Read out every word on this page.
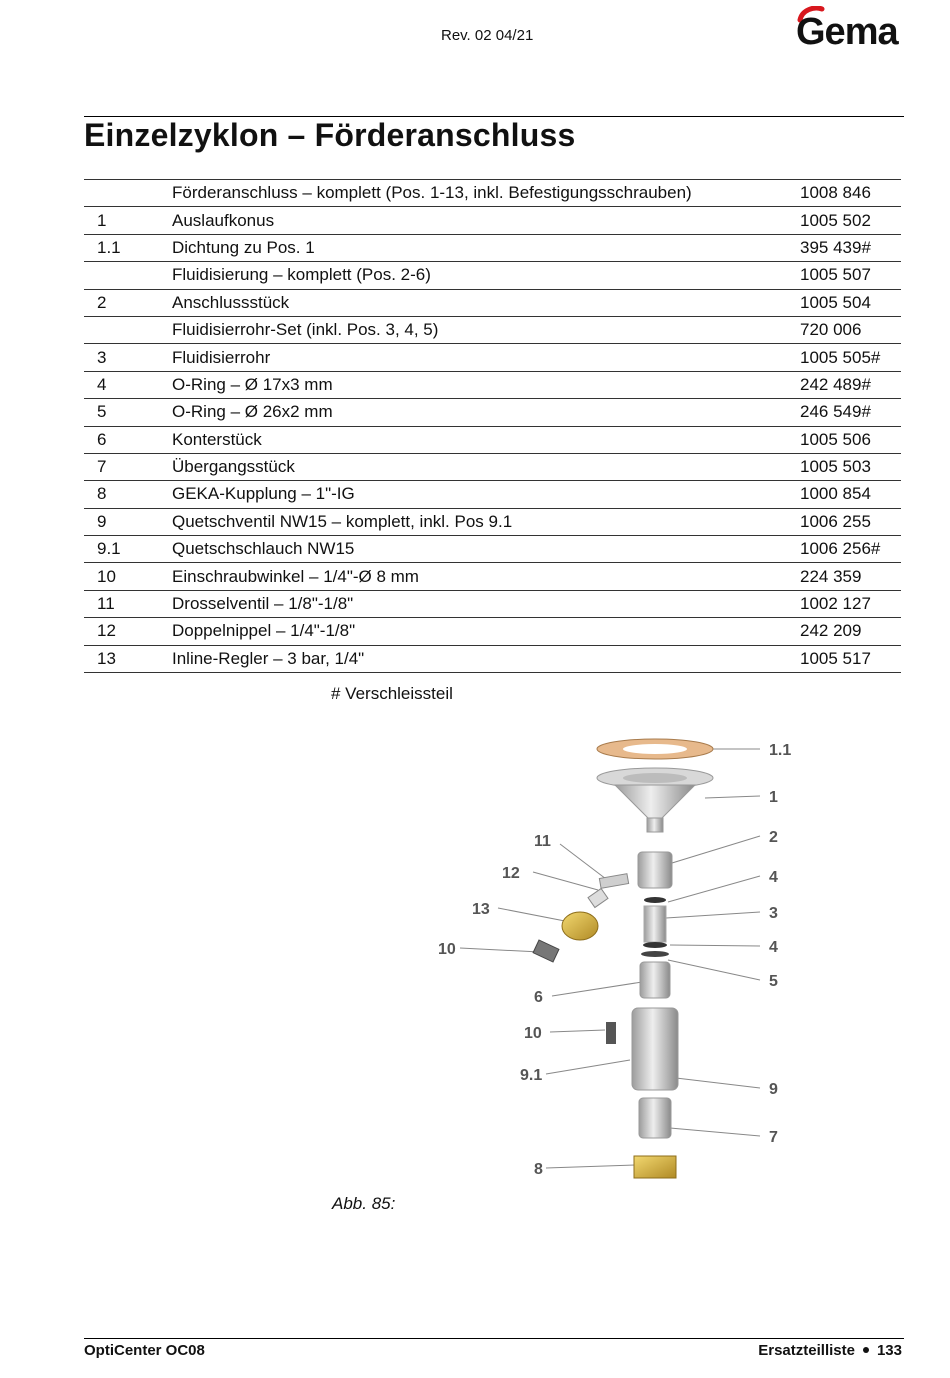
Rev. 02 04/21	Gema
Einzelzyklon – Förderanschluss
	Förderanschluss – komplett (Pos. 1-13, inkl. Befestigungsschrauben)	1008 846
1	Auslaufkonus	1005 502
1.1	Dichtung zu Pos. 1	395 439#
	Fluidisierung – komplett (Pos. 2-6)	1005 507
2	Anschlussstück	1005 504
	Fluidisierrohr-Set (inkl. Pos. 3, 4, 5)	720 006
3	Fluidisierrohr	1005 505#
4	O-Ring – Ø 17x3 mm	242 489#
5	O-Ring – Ø 26x2 mm	246 549#
6	Konterstück	1005 506
7	Übergangsstück	1005 503
8	GEKA-Kupplung – 1"-IG	1000 854
9	Quetschventil NW15 – komplett, inkl. Pos 9.1	1006 255
9.1	Quetschschlauch NW15	1006 256#
10	Einschraubwinkel – 1/4"-Ø 8 mm	224 359
11	Drosselventil – 1/8"-1/8"	1002 127
12	Doppelnippel – 1/4"-1/8"	242 209
13	Inline-Regler – 3 bar, 1/4"	1005 517
# Verschleissteil
1.1
1
2
4
3
4
5
9
7
11
12
13
10
6
10
9.1
8
Abb. 85:
OptiCenter OC08	Ersatzteilliste 133
